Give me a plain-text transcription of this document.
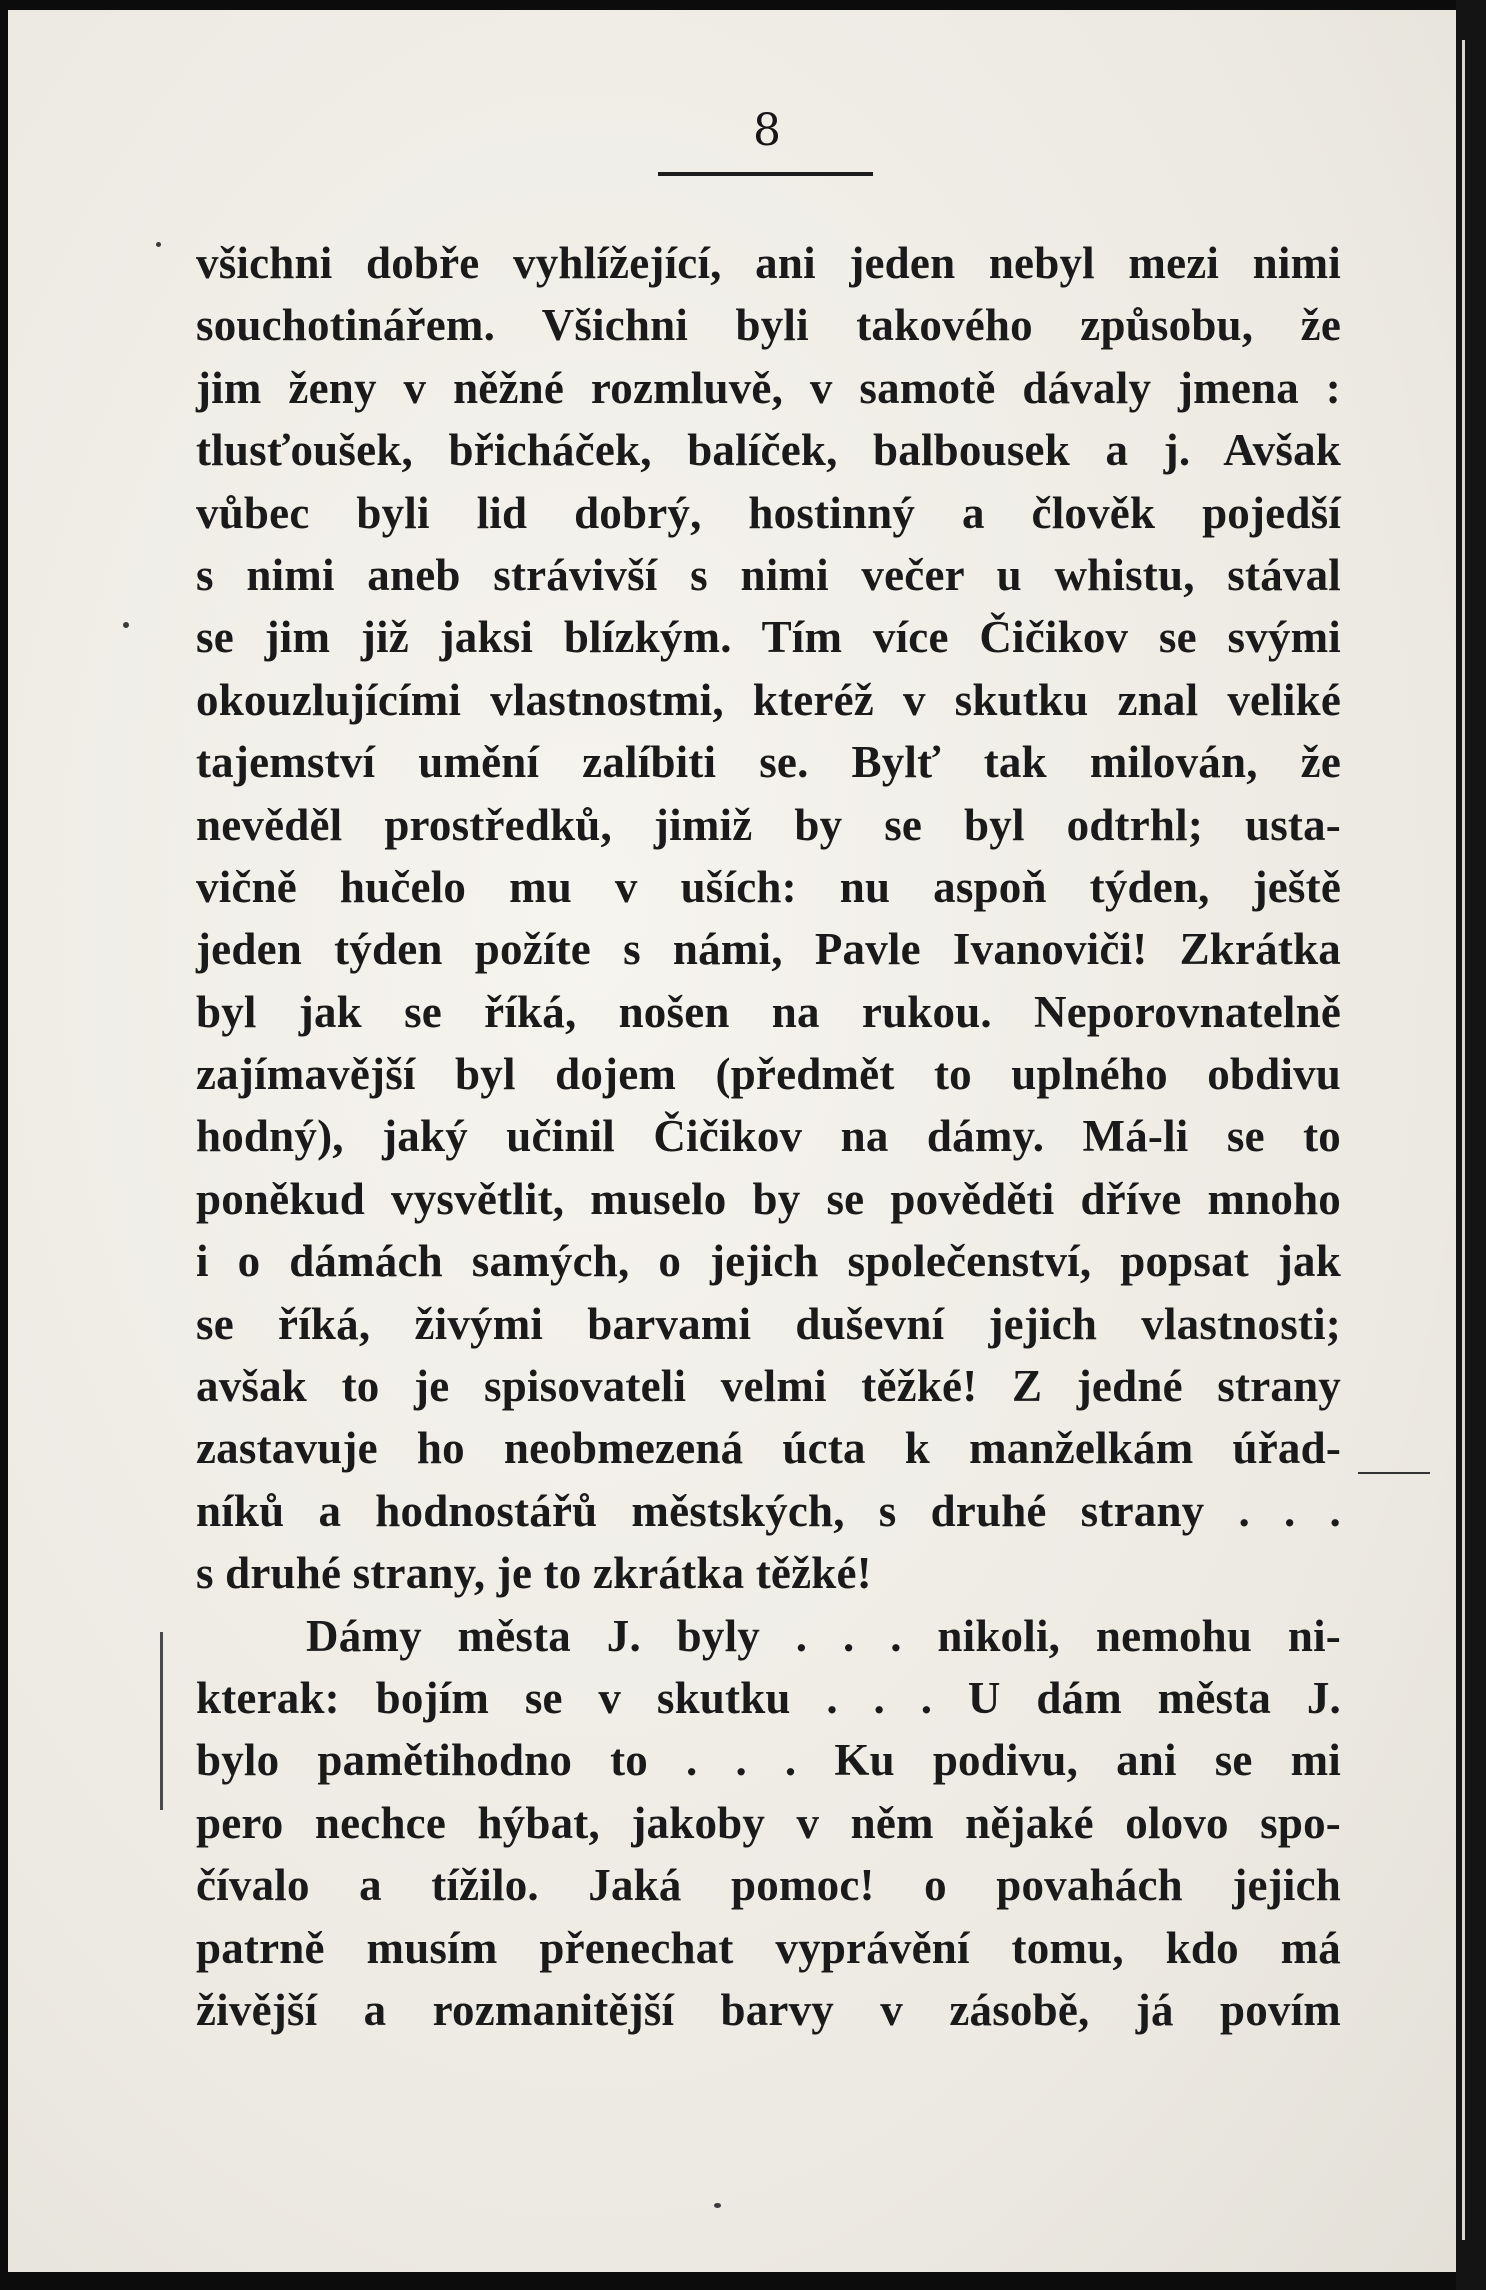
8
všichni dobře vyhlížející, ani jeden nebyl mezi nimi
souchotinářem. Všichni byli takového způsobu, že
jim ženy v něžné rozmluvě, v samotě dávaly jmena :
tlusťoušek, břicháček, balíček, balbousek a j. Avšak
vůbec byli lid dobrý, hostinný a člověk pojedší
s nimi aneb strávivší s nimi večer u whistu, stával
se jim již jaksi blízkým. Tím více Čičikov se svými
okouzlujícími vlastnostmi, kteréž v skutku znal veliké
tajemství umění zalíbiti se. Bylť tak milován, že
nevěděl prostředků, jimiž by se byl odtrhl; usta-
vičně hučelo mu v uších: nu aspoň týden, ještě
jeden týden požíte s námi, Pavle Ivanoviči! Zkrátka
byl jak se říká, nošen na rukou. Neporovnatelně
zajímavější byl dojem (předmět to uplného obdivu
hodný), jaký učinil Čičikov na dámy. Má-li se to
poněkud vysvětlit, muselo by se pověděti dříve mnoho
i o dámách samých, o jejich společenství, popsat jak
se říká, živými barvami duševní jejich vlastnosti;
avšak to je spisovateli velmi těžké! Z jedné strany
zastavuje ho neobmezená úcta k manželkám úřad-
níků a hodnostářů městských, s druhé strany . . .
s druhé strany, je to zkrátka těžké!
Dámy města J. byly . . . nikoli, nemohu ni-
kterak: bojím se v skutku . . . U dám města J.
bylo pamětihodno to . . . Ku podivu, ani se mi
pero nechce hýbat, jakoby v něm nějaké olovo spo-
čívalo a tížilo. Jaká pomoc! o povahách jejich
patrně musím přenechat vyprávění tomu, kdo má
živější a rozmanitější barvy v zásobě, já povím
